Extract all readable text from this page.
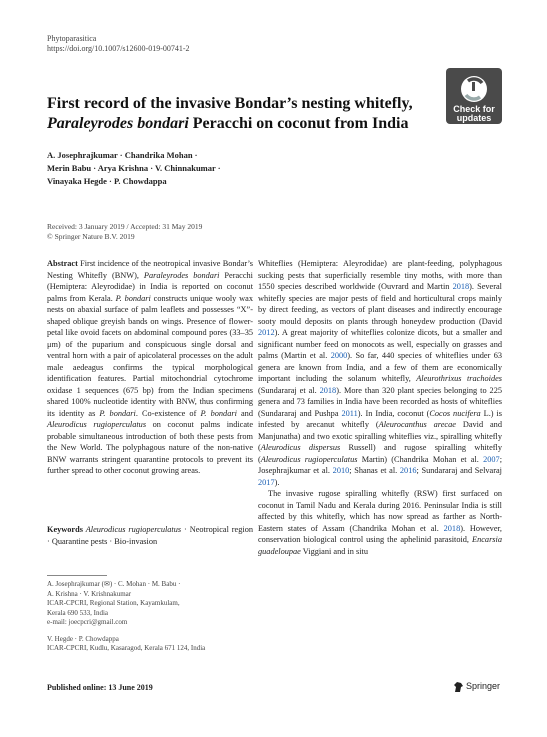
Phytoparasitica
https://doi.org/10.1007/s12600-019-00741-2
Check for
updates
First record of the invasive Bondar’s nesting whitefly,
Paraleyrodes bondari Peracchi on coconut from India
A. Josephrajkumar · Chandrika Mohan ·
Merin Babu · Arya Krishna · V. Chinnakumar ·
Vinayaka Hegde · P. Chowdappa
Received: 3 January 2019 / Accepted: 31 May 2019
© Springer Nature B.V. 2019

Abstract First incidence of the neotropical invasive Bondar’s Nesting Whitefly (BNW), Paraleyrodes bondari Peracchi (Hemiptera: Aleyrodidae) in India is reported on coconut palms from Kerala. P. bondari constructs unique wooly wax nests on abaxial surface of palm leaflets and possesses “X”-shaped oblique greyish bands on wings. Presence of flower-petal like ovoid facets on abdominal compound pores (33–35 μm) of the puparium and conspicuous single dorsal and ventral horn with a pair of apicolateral processes on the adult male aedeagus confirms the typical morphological identification features. Partial mitochondrial cytochrome oxidase 1 sequences (675 bp) from the Indian specimens shared 100% nucleotide identity with BNW, thus confirming its identity as P. bondari. Co-existence of P. bondari and Aleurodicus rugioperculatus on coconut palms indicate probable simultaneous introduction of both these pests from the New World. The polyphagous nature of the non-native BNW warrants stringent quarantine protocols to prevent its further spread to other coconut growing areas.

Keywords Aleurodicus rugioperculatus · Neotropical region · Quarantine pests · Bio-invasion

A. Josephrajkumar (✉) · C. Mohan · M. Babu ·
A. Krishna · V. Krishnakumar
ICAR-CPCRI, Regional Station, Kayamkulam,
Kerala 690 533, India
e-mail: joecpcri@gmail.com
V. Hegde · P. Chowdappa
ICAR-CPCRI, Kudlu, Kasaragod, Kerala 671 124, India

Whiteflies (Hemiptera: Aleyrodidae) are plant-feeding, polyphagous sucking pests that superficially resemble tiny moths, with more than 1550 species described worldwide (Ouvrard and Martin 2018). Several whitefly species are major pests of field and horticultural crops mainly by direct feeding, as vectors of plant diseases and indirectly encourage sooty mould deposits on plants through honeydew production (David 2012). A great majority of whiteflies colonize dicots, but a smaller and significant number feed on monocots as well, especially on grasses and palms (Martin et al. 2000). So far, 440 species of whiteflies under 63 genera are known from India, and a few of them are economically important including the solanum whitefly, Aleurothrixus trachoides (Sundararaj et al. 2018). More than 320 plant species belonging to 225 genera and 73 families in India have been recorded as hosts of whiteflies (Sundararaj and Pushpa 2011). In India, coconut (Cocos nucifera L.) is infested by arecanut whitefly (Aleurocanthus arecae David and Manjunatha) and two exotic spiralling whiteflies viz., spiralling whitefly (Aleurodicus dispersus Russell) and rugose spiralling whitefly (Aleurodicus rugioperculatus Martin) (Chandrika Mohan et al. 2007; Josephrajkumar et al. 2010; Shanas et al. 2016; Sundararaj and Selvaraj 2017).

The invasive rugose spiralling whitefly (RSW) first surfaced on coconut in Tamil Nadu and Kerala during 2016. Peninsular India is still affected by this whitefly, which has now spread as farther as North-Eastern states of Assam (Chandrika Mohan et al. 2018). However, conservation biological control using the aphelinid parasitoid, Encarsia guadeloupae Viggiani and in situ

Published online: 13 June 2019	Springer
